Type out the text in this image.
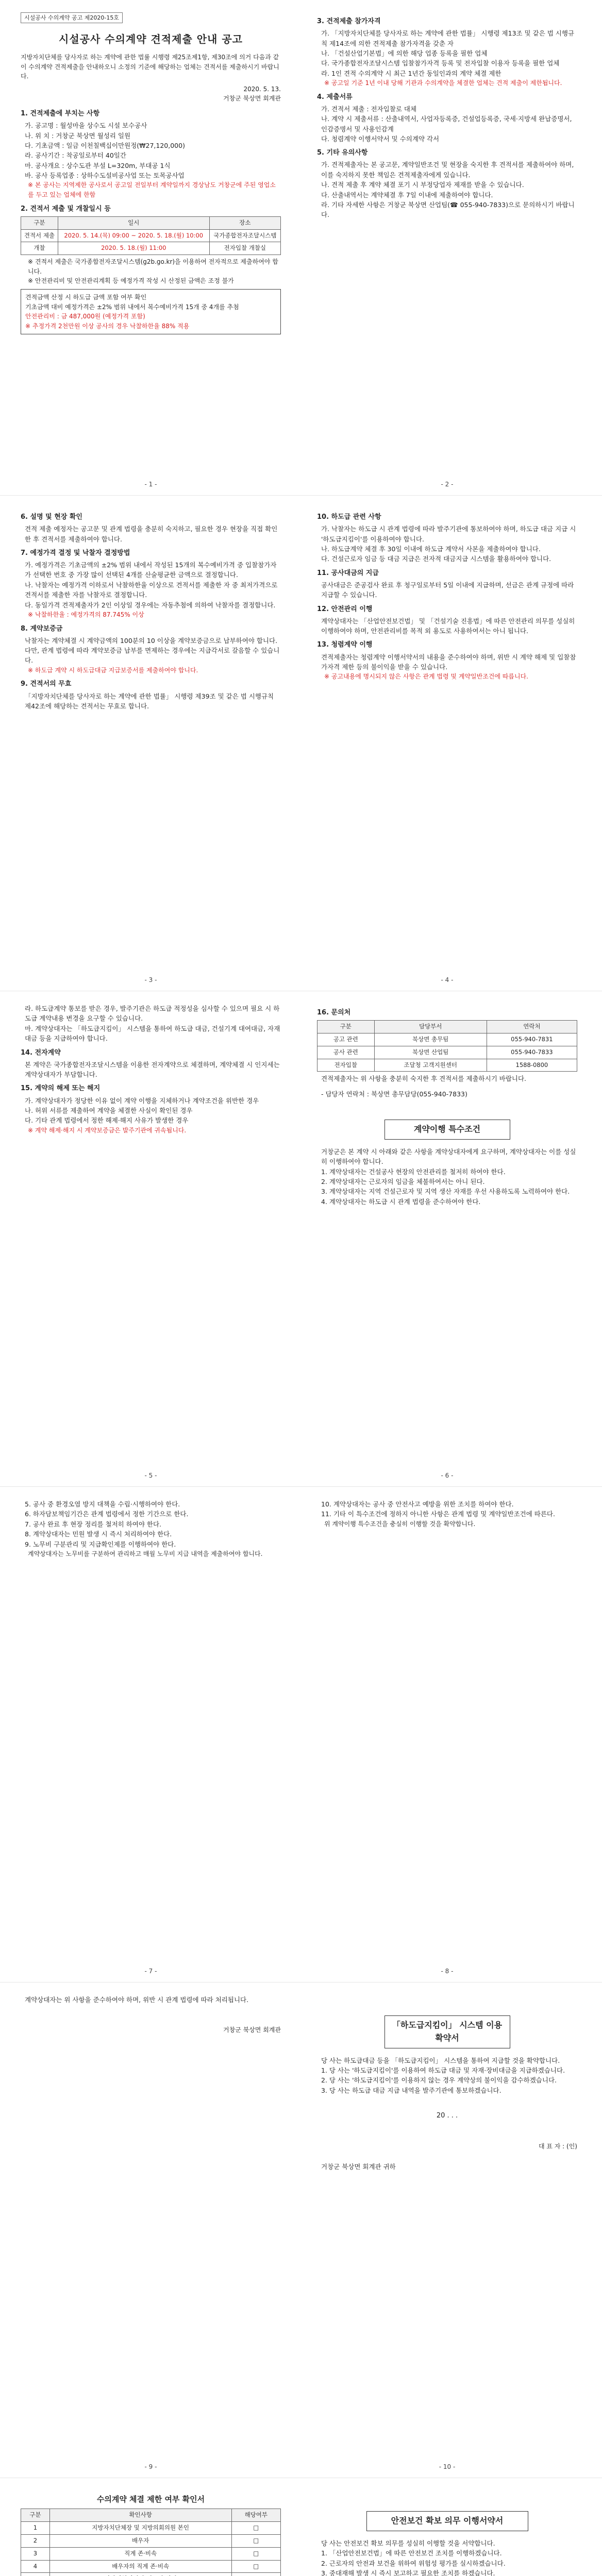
시설공사 수의계약 공고 제2020-15호
시설공사 수의계약 견적제출 안내 공고
지방자치단체를 당사자로 하는 계약에 관한 법률 시행령 제25조제1항, 제30조에 의거 다음과 같이 수의계약 견적제출을 안내하오니 소정의 기준에 해당하는 업체는 견적서를 제출하시기 바랍니다.
2020. 5. 13.
거창군 북상면 회계관
1. 견적제출에 부치는 사항
가. 공고명 : 월성마을 상수도 시설 보수공사
나. 위 치 : 거창군 북상면 월성리 일원
다. 기초금액 : 일금 이천칠백십이만원정(₩27,120,000)
라. 공사기간 : 착공일로부터 40일간
마. 공사개요 : 상수도관 부설 L=320m, 부대공 1식
바. 공사 등록업종 : 상하수도설비공사업 또는 토목공사업
※ 본 공사는 지역제한 공사로서 공고일 전일부터 계약일까지 경상남도 거창군에 주된 영업소를 두고 있는 업체에 한함
2. 견적서 제출 및 개찰일시 등
구분	일시	장소
견적서 제출	2020. 5. 14.(목) 09:00 ~ 2020. 5. 18.(월) 10:00	국가종합전자조달시스템
개찰	2020. 5. 18.(월) 11:00	전자입찰 개찰실
※ 견적서 제출은 국가종합전자조달시스템(g2b.go.kr)을 이용하여 전자적으로 제출하여야 합니다.
※ 안전관리비 및 안전관리계획 등 예정가격 작성 시 산정된 금액은 조정 불가
견적금액 산정 시 하도급 금액 포함 여부 확인
기초금액 대비 예정가격은 ±2% 범위 내에서 복수예비가격 15개 중 4개를 추첨
안전관리비 : 금 487,000원 (예정가격 포함)
※ 추정가격 2천만원 이상 공사의 경우 낙찰하한율 88% 적용
3. 견적제출 참가자격
가. 「지방자치단체를 당사자로 하는 계약에 관한 법률」 시행령 제13조 및 같은 법 시행규칙 제14조에 의한 견적제출 참가자격을 갖춘 자
나. 「건설산업기본법」에 의한 해당 업종 등록을 필한 업체
다. 국가종합전자조달시스템 입찰참가자격 등록 및 전자입찰 이용자 등록을 필한 업체
라. 1인 견적 수의계약 시 최근 1년간 동일인과의 계약 체결 제한
※ 공고일 기준 1년 이내 당해 기관과 수의계약을 체결한 업체는 견적 제출이 제한됩니다.
4. 제출서류
가. 견적서 제출 : 전자입찰로 대체
나. 계약 시 제출서류 : 산출내역서, 사업자등록증, 건설업등록증, 국세·지방세 완납증명서, 인감증명서 및 사용인감계
다. 청렴계약 이행서약서 및 수의계약 각서
5. 기타 유의사항
가. 견적제출자는 본 공고문, 계약일반조건 및 현장을 숙지한 후 견적서를 제출하여야 하며, 이를 숙지하지 못한 책임은 견적제출자에게 있습니다.
나. 견적 제출 후 계약 체결 포기 시 부정당업자 제재를 받을 수 있습니다.
다. 산출내역서는 계약체결 후 7일 이내에 제출하여야 합니다.
라. 기타 자세한 사항은 거창군 북상면 산업팀(☎ 055-940-7833)으로 문의하시기 바랍니다.
- 1 -	- 2 -
6. 설명 및 현장 확인
견적 제출 예정자는 공고문 및 관계 법령을 충분히 숙지하고, 필요한 경우 현장을 직접 확인한 후 견적서를 제출하여야 합니다.
7. 예정가격 결정 및 낙찰자 결정방법
가. 예정가격은 기초금액의 ±2% 범위 내에서 작성된 15개의 복수예비가격 중 입찰참가자가 선택한 번호 중 가장 많이 선택된 4개를 산술평균한 금액으로 결정합니다.
나. 낙찰자는 예정가격 이하로서 낙찰하한율 이상으로 견적서를 제출한 자 중 최저가격으로 견적서를 제출한 자를 낙찰자로 결정합니다.
다. 동일가격 견적제출자가 2인 이상일 경우에는 자동추첨에 의하여 낙찰자를 결정합니다.
※ 낙찰하한율 : 예정가격의 87.745% 이상
8. 계약보증금
낙찰자는 계약체결 시 계약금액의 100분의 10 이상을 계약보증금으로 납부하여야 합니다. 다만, 관계 법령에 따라 계약보증금 납부를 면제하는 경우에는 지급각서로 갈음할 수 있습니다.
※ 하도급 계약 시 하도급대금 지급보증서를 제출하여야 합니다.
9. 견적서의 무효
「지방자치단체를 당사자로 하는 계약에 관한 법률」 시행령 제39조 및 같은 법 시행규칙 제42조에 해당하는 견적서는 무효로 합니다.
10. 하도급 관련 사항
가. 낙찰자는 하도급 시 관계 법령에 따라 발주기관에 통보하여야 하며, 하도급 대금 지급 시 '하도급지킴이'를 이용하여야 합니다.
나. 하도급계약 체결 후 30일 이내에 하도급 계약서 사본을 제출하여야 합니다.
다. 건설근로자 임금 등 대금 지급은 전자적 대금지급 시스템을 활용하여야 합니다.
11. 공사대금의 지급
공사대금은 준공검사 완료 후 청구일로부터 5일 이내에 지급하며, 선금은 관계 규정에 따라 지급할 수 있습니다.
12. 안전관리 이행
계약상대자는 「산업안전보건법」 및 「건설기술 진흥법」에 따른 안전관리 의무를 성실히 이행하여야 하며, 안전관리비를 목적 외 용도로 사용하여서는 아니 됩니다.
13. 청렴계약 이행
견적제출자는 청렴계약 이행서약서의 내용을 준수하여야 하며, 위반 시 계약 해제 및 입찰참가자격 제한 등의 불이익을 받을 수 있습니다.
※ 공고내용에 명시되지 않은 사항은 관계 법령 및 계약일반조건에 따릅니다.
- 3 -	- 4 -
라. 하도급계약 통보를 받은 경우, 발주기관은 하도급 적정성을 심사할 수 있으며 필요 시 하도급 계약내용 변경을 요구할 수 있습니다.
마. 계약상대자는 「하도급지킴이」 시스템을 통하여 하도급 대금, 건설기계 대여대금, 자재대금 등을 지급하여야 합니다.
14. 전자계약
본 계약은 국가종합전자조달시스템을 이용한 전자계약으로 체결하며, 계약체결 시 인지세는 계약상대자가 부담합니다.
15. 계약의 해제 또는 해지
가. 계약상대자가 정당한 이유 없이 계약 이행을 지체하거나 계약조건을 위반한 경우
나. 허위 서류를 제출하여 계약을 체결한 사실이 확인된 경우
다. 기타 관계 법령에서 정한 해제·해지 사유가 발생한 경우
※ 계약 해제·해지 시 계약보증금은 발주기관에 귀속됩니다.
16. 문의처
구분	담당부서	연락처
공고 관련	북상면 총무팀	055-940-7831
공사 관련	북상면 산업팀	055-940-7833
전자입찰	조달청 고객지원센터	1588-0800
견적제출자는 위 사항을 충분히 숙지한 후 견적서를 제출하시기 바랍니다.
- 담당자 연락처 : 북상면 총무담당(055-940-7833)
계약이행 특수조건
거창군은 본 계약 시 아래와 같은 사항을 계약상대자에게 요구하며, 계약상대자는 이를 성실히 이행하여야 합니다.
1. 계약상대자는 건설공사 현장의 안전관리를 철저히 하여야 한다.
2. 계약상대자는 근로자의 임금을 체불하여서는 아니 된다.
3. 계약상대자는 지역 건설근로자 및 지역 생산 자재를 우선 사용하도록 노력하여야 한다.
4. 계약상대자는 하도급 시 관계 법령을 준수하여야 한다.
- 5 -	- 6 -
5. 공사 중 환경오염 방지 대책을 수립·시행하여야 한다.
6. 하자담보책임기간은 관계 법령에서 정한 기간으로 한다.
7. 공사 완료 후 현장 정리를 철저히 하여야 한다.
8. 계약상대자는 민원 발생 시 즉시 처리하여야 한다.
9. 노무비 구분관리 및 지급확인제를 이행하여야 한다.
계약상대자는 노무비를 구분하여 관리하고 매월 노무비 지급 내역을 제출하여야 합니다.
10. 계약상대자는 공사 중 안전사고 예방을 위한 조치를 하여야 한다.
11. 기타 이 특수조건에 정하지 아니한 사항은 관계 법령 및 계약일반조건에 따른다.
위 계약이행 특수조건을 충실히 이행할 것을 확약합니다.
- 7 -	- 8 -
계약상대자는 위 사항을 준수하여야 하며, 위반 시 관계 법령에 따라 처리됩니다.
거창군 북상면 회계관
「하도급지킴이」 시스템 이용 확약서
당 사는 하도급대금 등을 「하도급지킴이」 시스템을 통하여 지급할 것을 확약합니다.
1. 당 사는 '하도급지킴이'를 이용하여 하도급 대금 및 자재·장비대금을 지급하겠습니다.
2. 당 사는 '하도급지킴이'를 이용하지 않는 경우 계약상의 불이익을 감수하겠습니다.
3. 당 사는 하도급 대금 지급 내역을 발주기관에 통보하겠습니다.
20 . . .
대 표 자 : (인)
거창군 북상면 회계관 귀하
- 9 -	- 10 -
수의계약 체결 제한 여부 확인서
구분	확인사항	해당여부
1	지방자치단체장 및 지방의회의원 본인	□
2	배우자	□
3	직계 존·비속	□
4	배우자의 직계 존·비속	□

안전보건 확보 의무 이행서약서
당 사는 안전보건 확보 의무를 성실히 이행할 것을 서약합니다.
1. 「산업안전보건법」에 따른 안전보건 조치를 이행하겠습니다.
2. 근로자의 안전과 보건을 위하여 위험성 평가를 실시하겠습니다.
3. 중대재해 발생 시 즉시 보고하고 필요한 조치를 하겠습니다.
